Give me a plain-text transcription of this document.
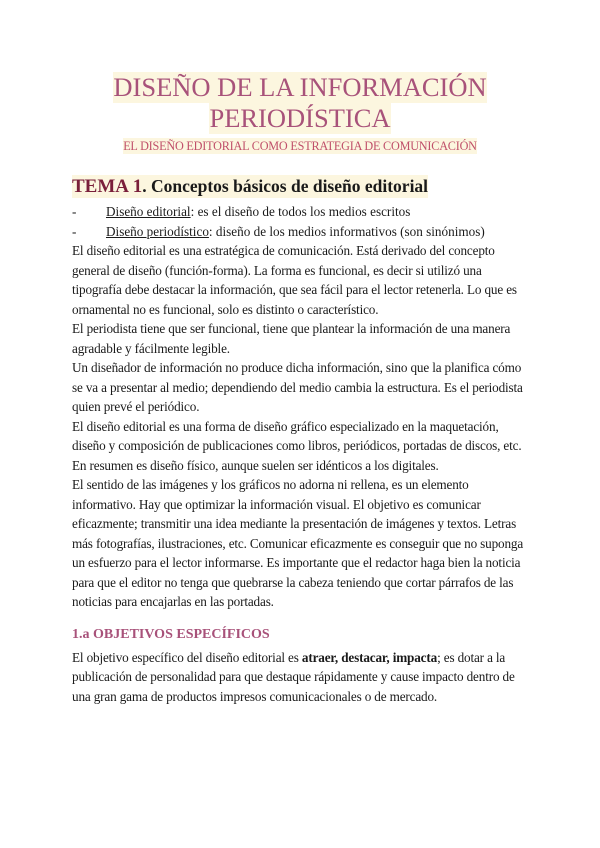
DISEÑO DE LA INFORMACIÓN
PERIODÍSTICA
EL DISEÑO EDITORIAL COMO ESTRATEGIA DE COMUNICACIÓN
TEMA 1. Conceptos básicos de diseño editorial
-	Diseño editorial: es el diseño de todos los medios escritos
-	Diseño periodístico: diseño de los medios informativos (son sinónimos)

El diseño editorial es una estratégica de comunicación. Está derivado del concepto general de diseño (función-forma). La forma es funcional, es decir si utilizó una tipografía debe destacar la información, que sea fácil para el lector retenerla. Lo que es ornamental no es funcional, solo es distinto o característico.

El periodista tiene que ser funcional, tiene que plantear la información de una manera agradable y fácilmente legible.

Un diseñador de información no produce dicha información, sino que la planifica cómo se va a presentar al medio; dependiendo del medio cambia la estructura. Es el periodista quien prevé el periódico.

El diseño editorial es una forma de diseño gráfico especializado en la maquetación, diseño y composición de publicaciones como libros, periódicos, portadas de discos, etc. En resumen es diseño físico, aunque suelen ser idénticos a los digitales.

El sentido de las imágenes y los gráficos no adorna ni rellena, es un elemento informativo. Hay que optimizar la información visual. El objetivo es comunicar eficazmente; transmitir una idea mediante la presentación de imágenes y textos. Letras más fotografías, ilustraciones, etc. Comunicar eficazmente es conseguir que no suponga un esfuerzo para el lector informarse. Es importante que el redactor haga bien la noticia para que el editor no tenga que quebrarse la cabeza teniendo que cortar párrafos de las noticias para encajarlas en las portadas.

1.a OBJETIVOS ESPECÍFICOS

El objetivo específico del diseño editorial es atraer, destacar, impacta; es dotar a la publicación de personalidad para que destaque rápidamente y cause impacto dentro de una gran gama de productos impresos comunicacionales o de mercado.
